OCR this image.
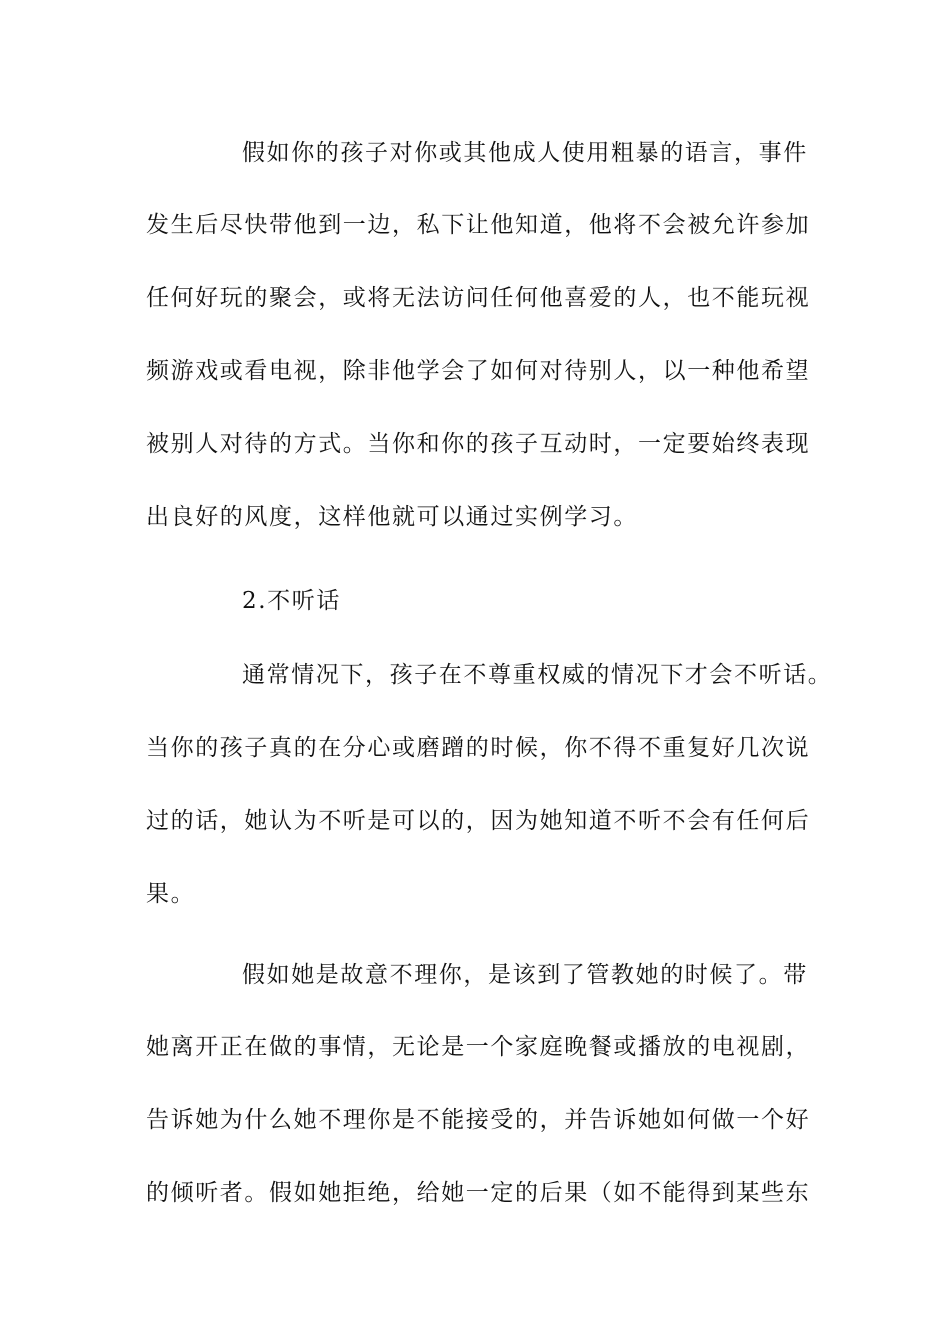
假如你的孩子对你或其他成人使用粗暴的语言，事件
发生后尽快带他到一边，私下让他知道，他将不会被允许参加
任何好玩的聚会，或将无法访问任何他喜爱的人，也不能玩视
频游戏或看电视，除非他学会了如何对待别人，以一种他希望
被别人对待的方式。当你和你的孩子互动时，一定要始终表现
出良好的风度，这样他就可以通过实例学习。
2.不听话
通常情况下，孩子在不尊重权威的情况下才会不听话。
当你的孩子真的在分心或磨蹭的时候，你不得不重复好几次说
过的话，她认为不听是可以的，因为她知道不听不会有任何后
果。
假如她是故意不理你，是该到了管教她的时候了。带
她离开正在做的事情，无论是一个家庭晚餐或播放的电视剧，
告诉她为什么她不理你是不能接受的，并告诉她如何做一个好
的倾听者。假如她拒绝，给她一定的后果（如不能得到某些东
